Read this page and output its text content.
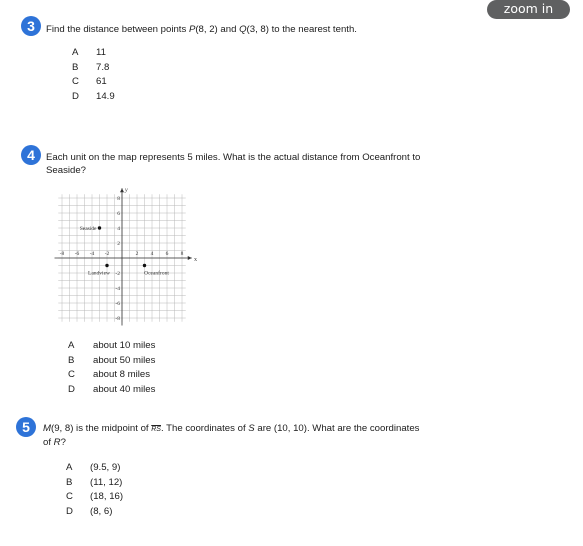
zoom in
3	Find the distance between points P(8, 2) and Q(3, 8) to the nearest tenth.
A	11
B	7.8
C	61
D	14.9
4	Each unit on the map represents 5 miles. What is the actual distance from Oceanfront to
Seaside?
x
y
-8 -6 -4 -2	2 4 6 8
8
6
4
2
-2
-4
-6
-8
Seaside
Landview	Oceanfront
A	about 10 miles
B	about 50 miles
C	about 8 miles
D	about 40 miles
5	M(9, 8) is the midpoint of $\overline{RS}$. The coordinates of S are (10, 10). What are the coordinates
of R?
A	(9.5, 9)
B	(11, 12)
C	(18, 16)
D	(8, 6)
